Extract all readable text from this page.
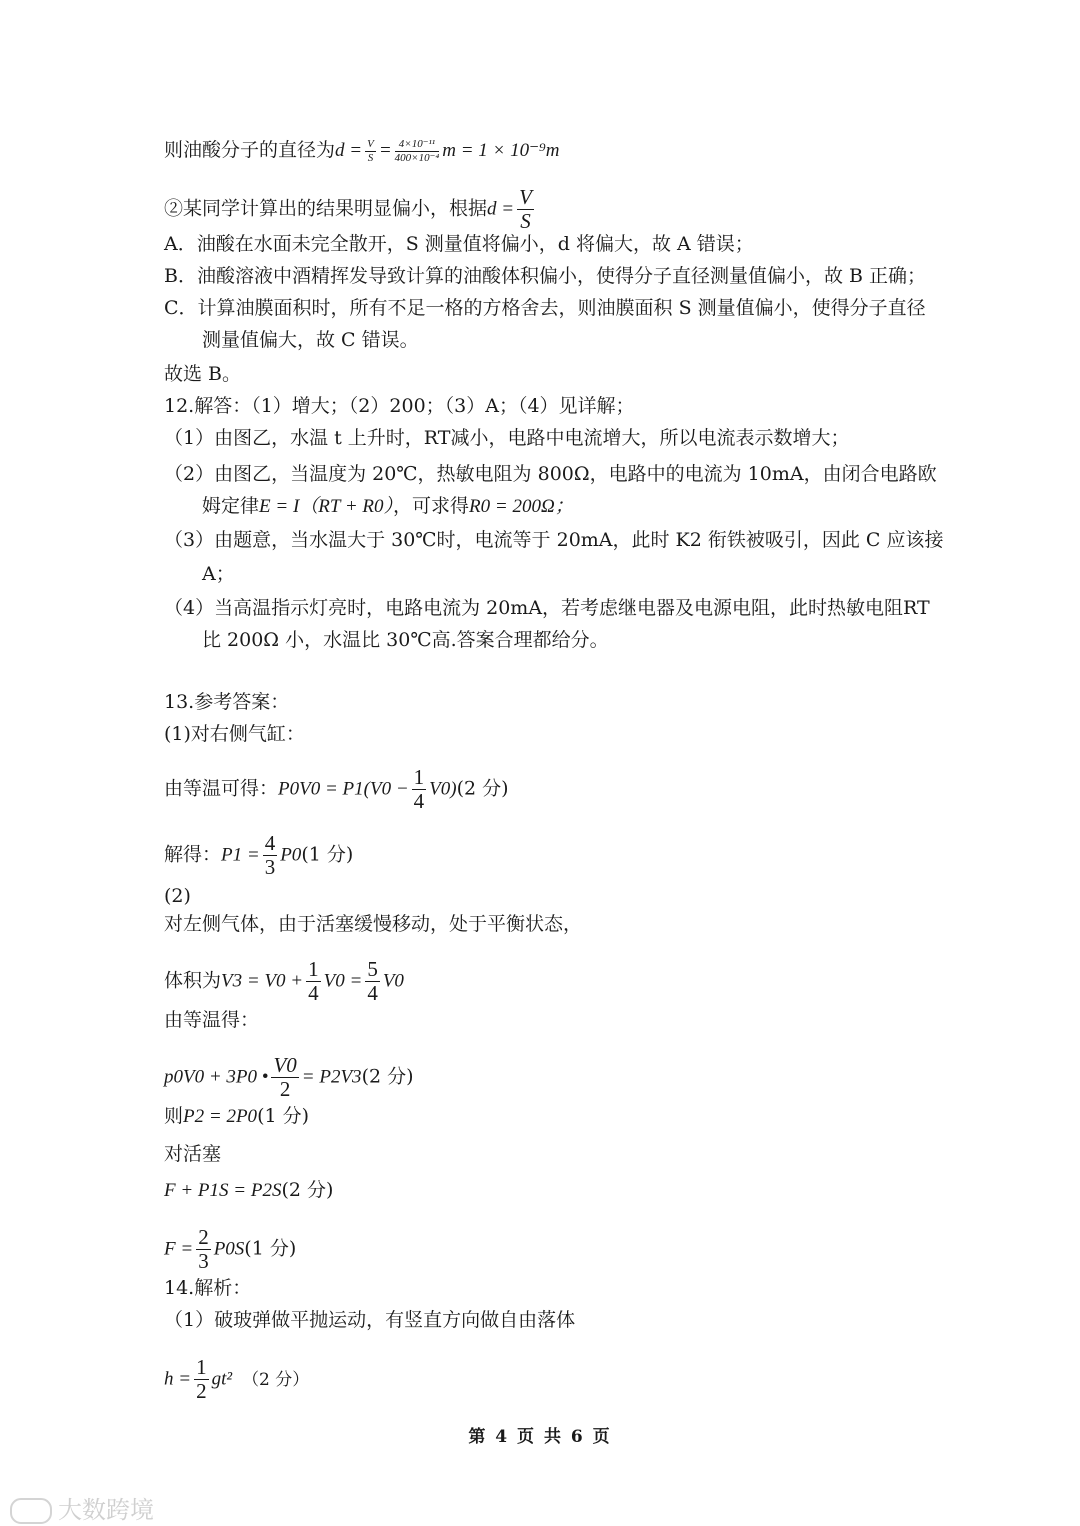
则油酸分子的直径为$d = \frac{V}{S} = \frac{\text{4×10⁻¹¹}}{\text{400×10⁻⁴}}$ m = 1 × 10⁻⁹m
②某同学计算出的结果明显偏小，根据$d = \frac{V}{S}$
A．油酸在水面未完全散开，S 测量值将偏小，d 将偏大，故 A 错误；
B．油酸溶液中酒精挥发导致计算的油酸体积偏小，使得分子直径测量值偏小，故 B 正确；
C．计算油膜面积时，所有不足一格的方格舍去，则油膜面积 S 测量值偏小，使得分子直径
测量值偏大，故 C 错误。
故选 B。
12.解答：（1）增大；（2）200；（3）A；（4）见详解；
（1）由图乙，水温 t 上升时，RT减小，电路中电流增大，所以电流表示数增大；
（2）由图乙，当温度为 20℃，热敏电阻为 800Ω，电路中的电流为 10mA，由闭合电路欧
姆定律E = I（RT + R0），可求得R0 = 200Ω；
（3）由题意，当水温大于 30℃时，电流等于 20mA，此时 K2 衔铁被吸引，因此 C 应该接
A；
（4）当高温指示灯亮时，电路电流为 20mA，若考虑继电器及电源电阻，此时热敏电阻RT
比 200Ω 小，水温比 30℃高.答案合理都给分。
13.参考答案：
(1)对右侧气缸：
由等温可得：$P0V0 = P1(V0 - \frac{1}{4} V0)(2$ 分)
解得：$P1 = \frac{4}{3} P0(1$ 分)
(2)
对左侧气体，由于活塞缓慢移动，处于平衡状态，
体积为$V3 = V0 + \frac{1}{4} V0 = \frac{5}{4} V0$
由等温得：
p0V0 + 3P0 • $\frac{V0}{2} = P2V3(2$ 分)
则P2 = 2P0(1 分)
对活塞
F + P1S = P2S(2 分)
$F = \frac{2}{3} P0S(1$ 分)
14.解析：
（1）破玻弹做平抛运动，有竖直方向做自由落体
$h = \frac{1}{2} gt^2$ （2 分）
第 4 页 共 6 页
大数跨境
